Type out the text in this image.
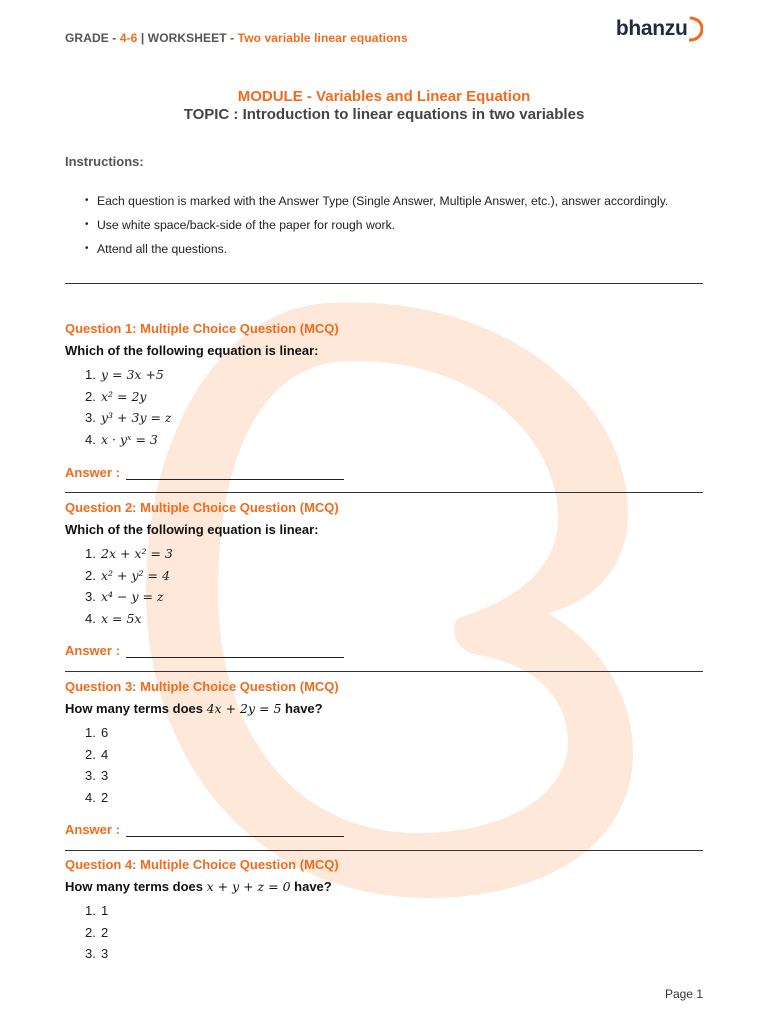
GRADE - 4-6 | WORKSHEET - Two variable linear equations	bhanzu
MODULE - Variables and Linear Equation
TOPIC : Introduction to linear equations in two variables
Instructions:
• Each question is marked with the Answer Type (Single Answer, Multiple Answer, etc.), answer accordingly.
• Use white space/back-side of the paper for rough work.
• Attend all the questions.
Question 1: Multiple Choice Question (MCQ)
Which of the following equation is linear:
1. y = 3x +5
2. x² = 2y
3. y³ + 3y = z
4. x · yˣ = 3
Answer :
Question 2: Multiple Choice Question (MCQ)
Which of the following equation is linear:
1. 2x + x² = 3
2. x² + y² = 4
3. x⁴ − y = z
4. x = 5x
Answer :
Question 3: Multiple Choice Question (MCQ)
How many terms does 4x + 2y = 5 have?
1. 6
2. 4
3. 3
4. 2
Answer :
Question 4: Multiple Choice Question (MCQ)
How many terms does x + y + z = 0 have?
1. 1
2. 2
3. 3
Page 1
